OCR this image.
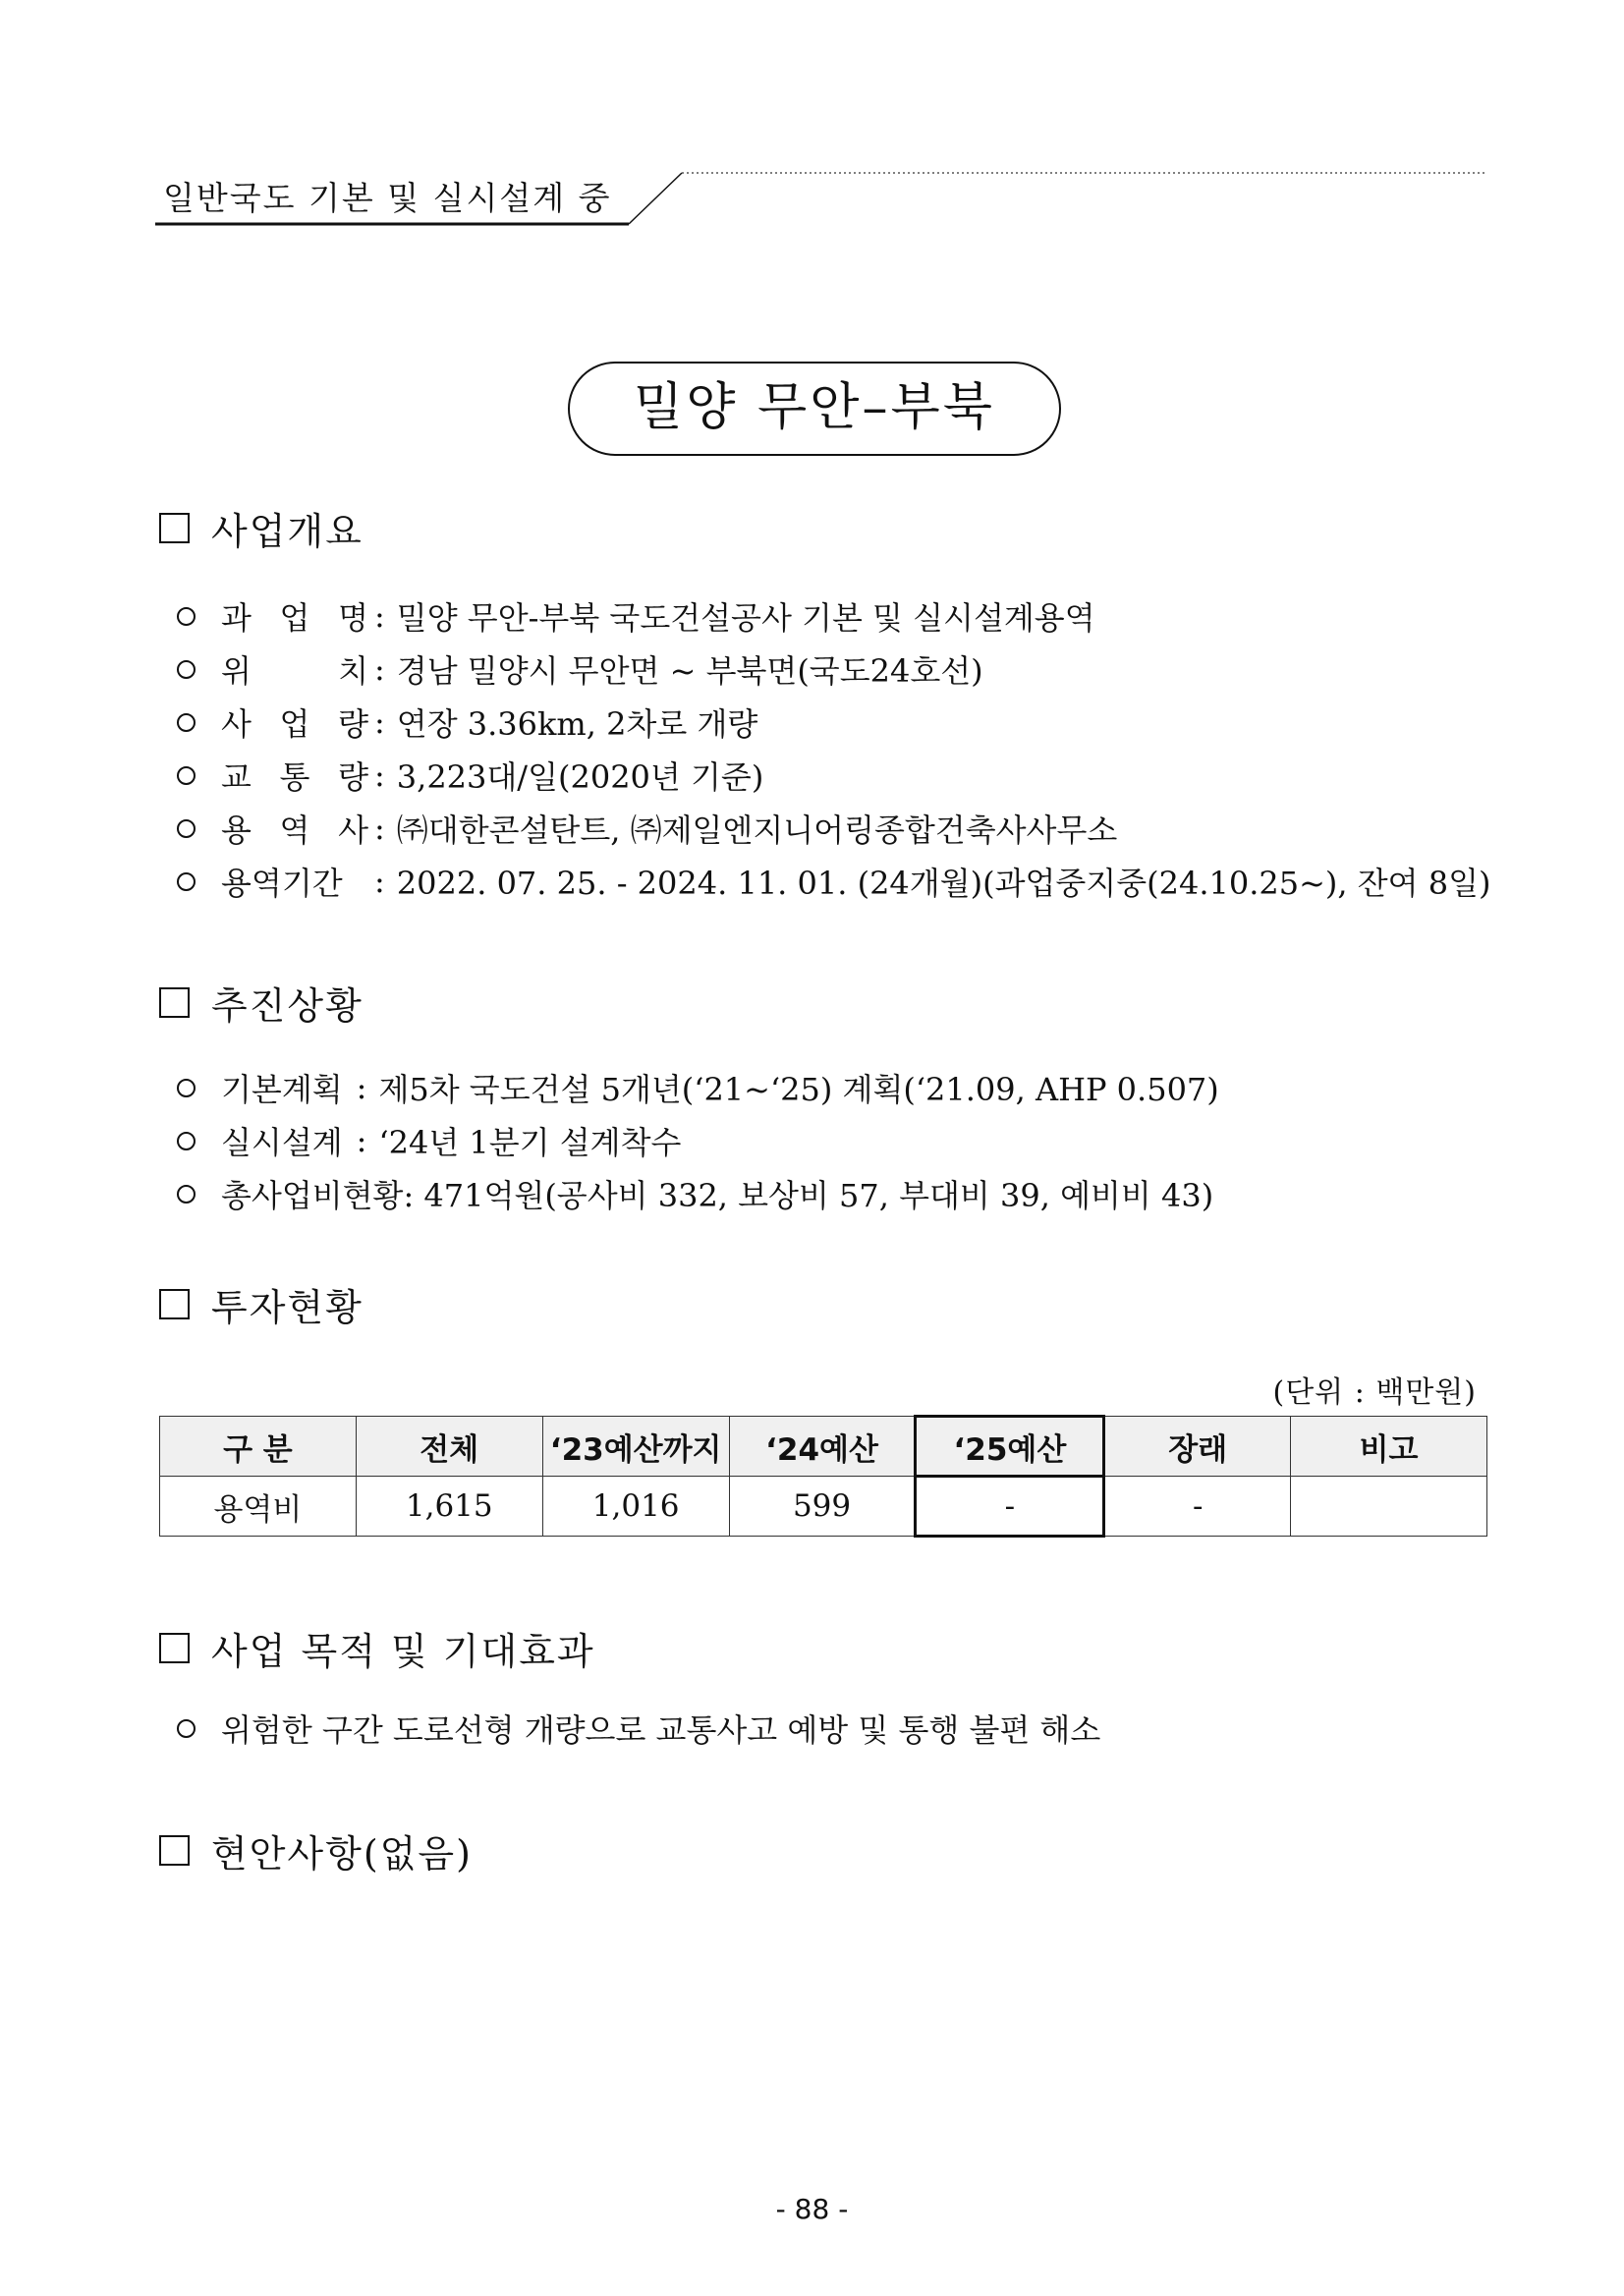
일반국도 기본 및 실시설계 중
밀양 무안–부북
사업개요
과 업 명 : 밀양 무안-부북 국도건설공사 기본 및 실시설계용역
위 치 : 경남 밀양시 무안면 ~ 부북면(국도24호선)
사 업 량 : 연장 3.36km, 2차로 개량
교 통 량 : 3,223대/일(2020년 기준)
용 역 사 : ㈜대한콘설탄트, ㈜제일엔지니어링종합건축사사무소
용역기간	: 2022. 07. 25. - 2024. 11. 01. (24개월)(과업중지중(24.10.25~), 잔여 8일)
추진상황
기본계획 : 제5차 국도건설 5개년(‘21~‘25) 계획(‘21.09, AHP 0.507)
실시설계 : ‘24년 1분기 설계착수
총사업비현황: 471억원(공사비 332, 보상비 57, 부대비 39, 예비비 43)
투자현황
(단위 : 백만원)
구 분	전체	‘23예산까지	‘24예산	‘25예산	장래	비고
용역비	1,615	1,016	599	-	-	
사업 목적 및 기대효과
위험한 구간 도로선형 개량으로 교통사고 예방 및 통행 불편 해소
현안사항(없음)
- 88 -
